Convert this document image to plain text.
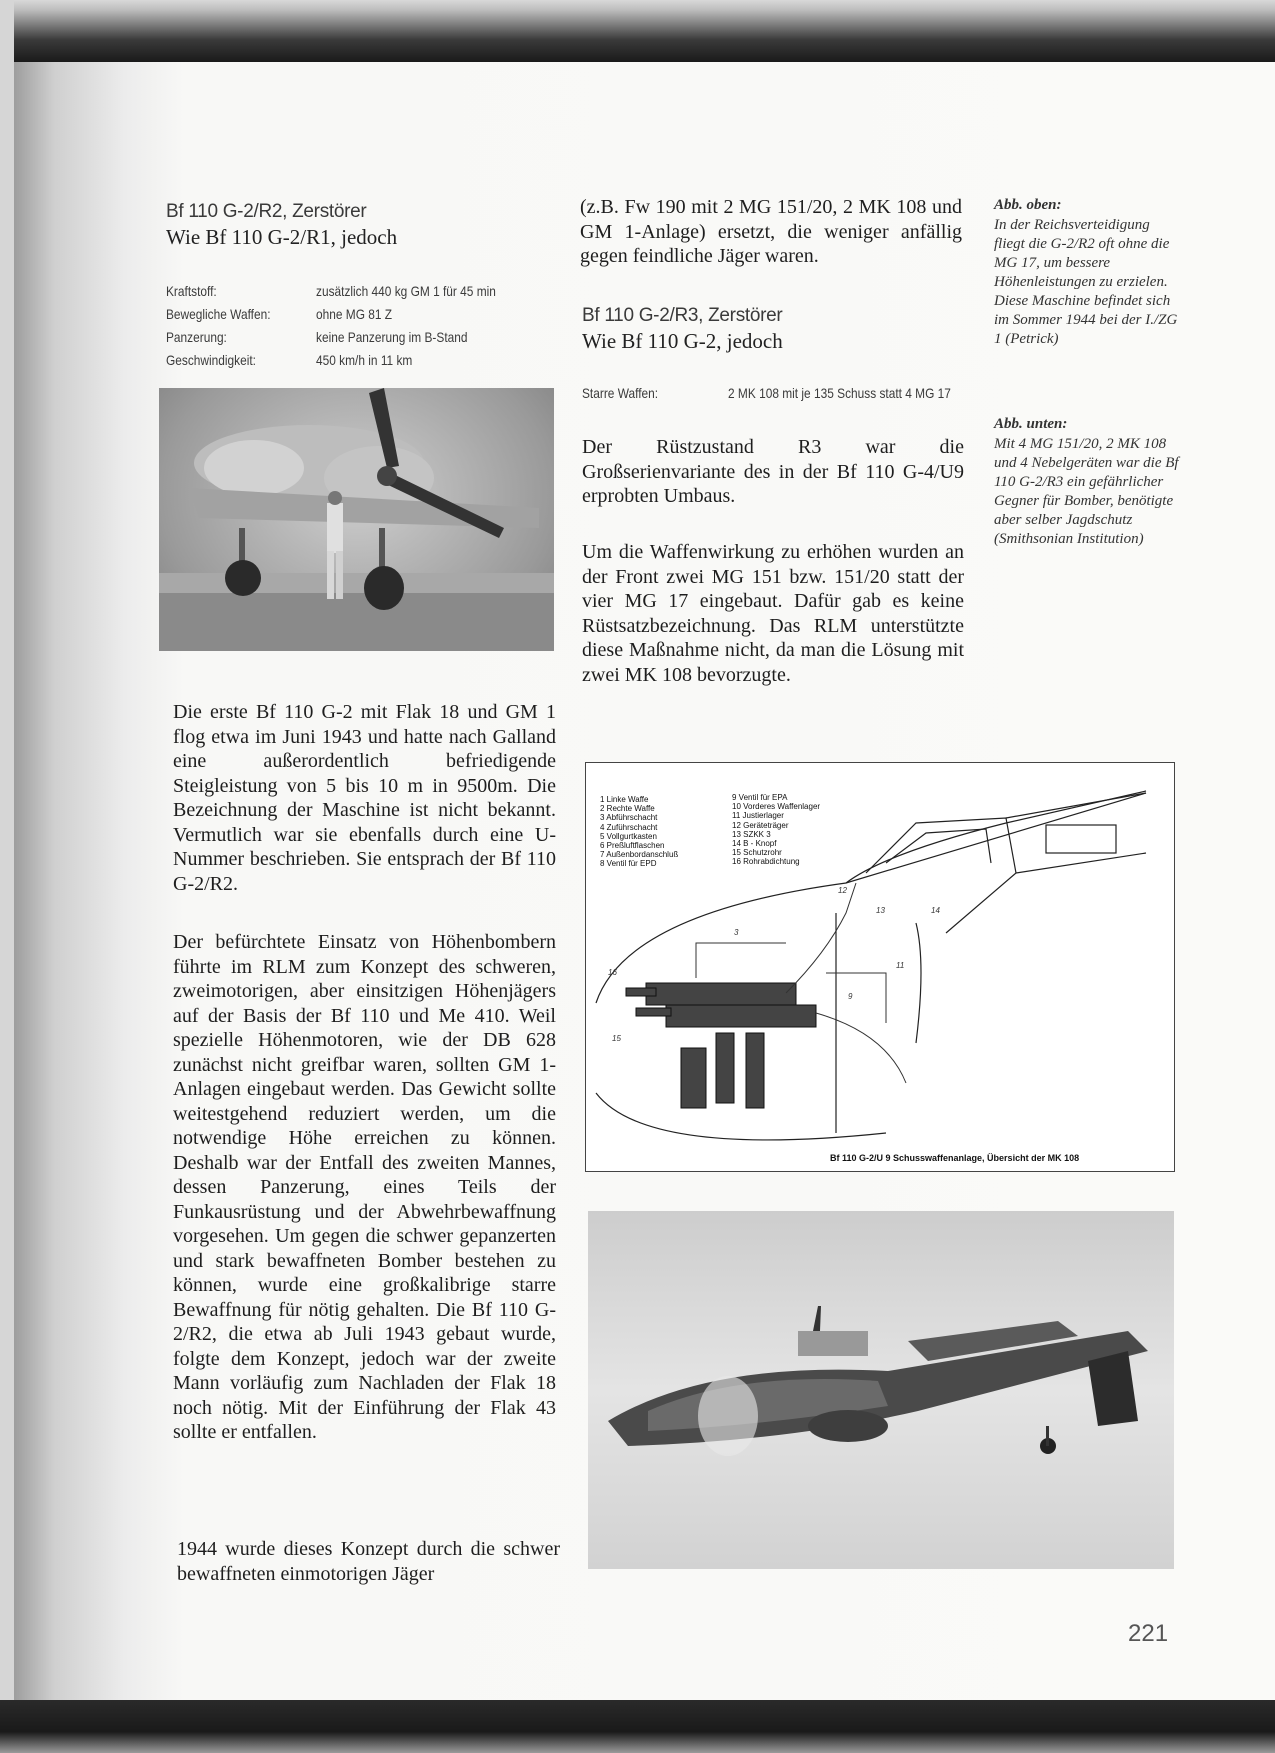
Bf 110 G-2/R2, Zerstörer
Wie Bf 110 G-2/R1, jedoch
Kraftstoff:	zusätzlich 440 kg GM 1 für 45 min
Bewegliche Waffen:	ohne MG 81 Z
Panzerung:	keine Panzerung im B-Stand
Geschwindigkeit:	450 km/h in 11 km
Die erste Bf 110 G-2 mit Flak 18 und GM 1 flog etwa im Juni 1943 und hatte nach Galland eine außerordentlich befriedigende Steigleistung von 5 bis 10 m in 9500m. Die Bezeichnung der Maschine ist nicht bekannt. Vermutlich war sie ebenfalls durch eine U-Nummer beschrieben. Sie entsprach der Bf 110 G-2/R2.
Der befürchtete Einsatz von Höhenbombern führte im RLM zum Konzept des schweren, zweimotorigen, aber einsitzigen Höhenjägers auf der Basis der Bf 110 und Me 410. Weil spezielle Höhenmotoren, wie der DB 628 zunächst nicht greifbar waren, sollten GM 1-Anlagen eingebaut werden. Das Gewicht sollte weitestgehend reduziert werden, um die notwendige Höhe erreichen zu können. Deshalb war der Entfall des zweiten Mannes, dessen Panzerung, eines Teils der Funkausrüstung und der Abwehrbewaffnung vorgesehen. Um gegen die schwer gepanzerten und stark bewaffneten Bomber bestehen zu können, wurde eine großkalibrige starre Bewaffnung für nötig gehalten. Die Bf 110 G-2/R2, die etwa ab Juli 1943 gebaut wurde, folgte dem Konzept, jedoch war der zweite Mann vorläufig zum Nachladen der Flak 18 noch nötig. Mit der Einführung der Flak 43 sollte er entfallen.
1944 wurde dieses Konzept durch die schwer bewaffneten einmotorigen Jäger
(z.B. Fw 190 mit 2 MG 151/20, 2 MK 108 und GM 1-Anlage) ersetzt, die weniger anfällig gegen feindliche Jäger waren.
Bf 110 G-2/R3, Zerstörer
Wie Bf 110 G-2, jedoch
Starre Waffen:	2 MK 108 mit je 135 Schuss statt 4 MG 17
Der Rüstzustand R3 war die Großserienvariante des in der Bf 110 G-4/U9 erprobten Umbaus.
Um die Waffenwirkung zu erhöhen wurden an der Front zwei MG 151 bzw. 151/20 statt der vier MG 17 eingebaut. Dafür gab es keine Rüstsatzbezeichnung. Das RLM unterstützte diese Maßnahme nicht, da man die Lösung mit zwei MK 108 bevorzugte.
Abb. oben:
In der Reichsverteidigung fliegt die G-2/R2 oft ohne die MG 17, um bessere Höhenleistungen zu erzielen. Diese Maschine befindet sich im Sommer 1944 bei der I./ZG 1 (Petrick)
Abb. unten:
Mit 4 MG 151/20, 2 MK 108 und 4 Nebelgeräten war die Bf 110 G-2/R3 ein gefährlicher Gegner für Bomber, benötigte aber selber Jagdschutz (Smithsonian Institution)
1 Linke Waffe
2 Rechte Waffe
3 Abführschacht
4 Zuführschacht
5 Vollgurtkasten
6 Preßluftflaschen
7 Außenbordanschluß
8 Ventil für EPD
9 Ventil für EPA
10 Vorderes Waffenlager
11 Justierlager
12 Geräteträger
13 SZKK 3
14 B - Knopf
15 Schutzrohr
16 Rohrabdichtung
16
3
12
13
11
9
15
14
Bf 110 G-2/U 9 Schusswaffenanlage, Übersicht der MK 108
221
